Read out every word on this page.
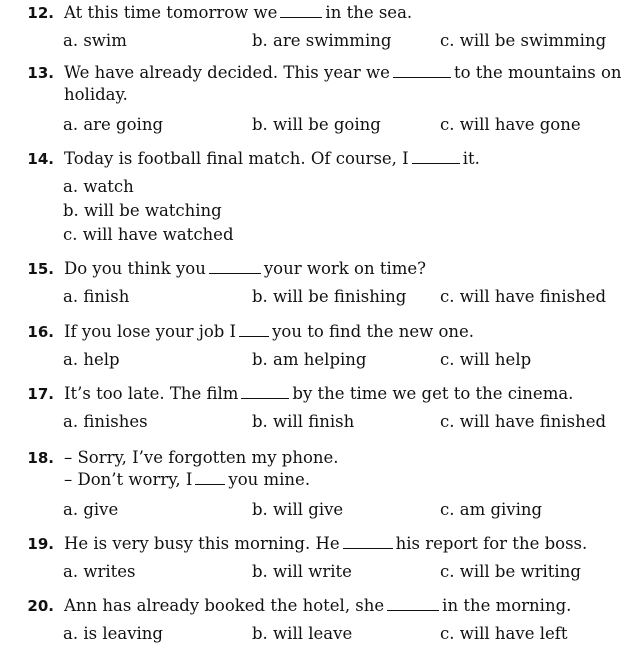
12. At this time tomorrow we	in the sea.
a. swim	b. are swimming	c. will be swimming
13. We have already decided. This year we	to the mountains on
holiday.
a. are going	b. will be going	c. will have gone
14. Today is football final match. Of course, I	it.
a. watch
b. will be watching
c. will have watched
15. Do you think you	your work on time?
a. finish	b. will be finishing c. will have finished
16. If you lose your job I you to find the new one.
a. help	b. am helping	c. will help
17. It’s too late. The film	by the time we get to the cinema.
a. finishes	b. will finish	c. will have finished
18. – Sorry, I’ve forgotten my phone.
– Don’t worry, I you mine.
a. give	b. will give	c. am giving
19. He is very busy this morning. He	his report for the boss.
a. writes	b. will write	c. will be writing
20. Ann has already booked the hotel, she	in the morning.
a. is leaving	b. will leave	c. will have left
